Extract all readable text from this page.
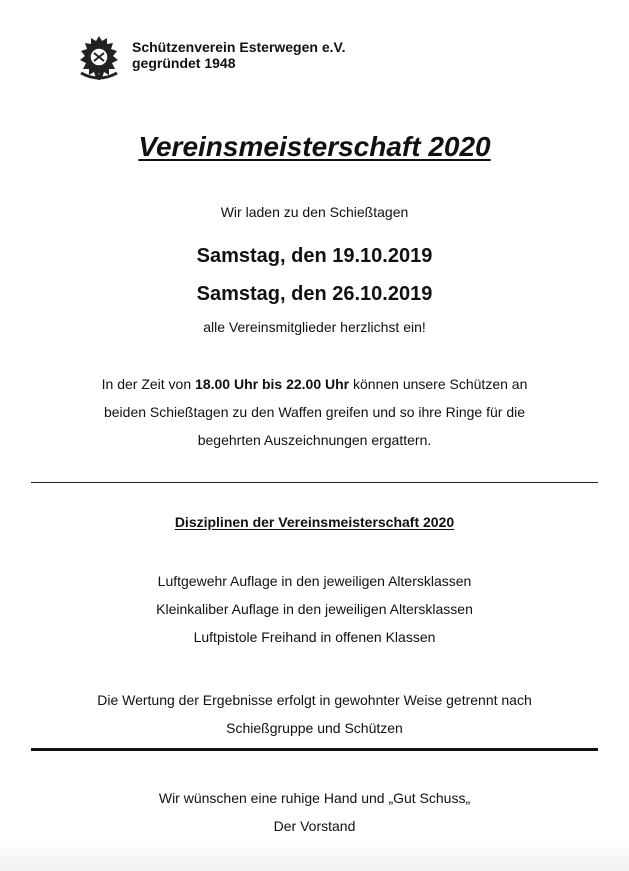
Schützenverein Esterwegen e.V.
gegründet 1948
Vereinsmeisterschaft 2020
Wir laden zu den Schießtagen
Samstag, den 19.10.2019
Samstag, den 26.10.2019
alle Vereinsmitglieder herzlichst ein!
In der Zeit von 18.00 Uhr bis 22.00 Uhr können unsere Schützen an
beiden Schießtagen zu den Waffen greifen und so ihre Ringe für die
begehrten Auszeichnungen ergattern.
Disziplinen der Vereinsmeisterschaft 2020
Luftgewehr Auflage in den jeweiligen Altersklassen
Kleinkaliber Auflage in den jeweiligen Altersklassen
Luftpistole Freihand in offenen Klassen
Die Wertung der Ergebnisse erfolgt in gewohnter Weise getrennt nach
Schießgruppe und Schützen
Wir wünschen eine ruhige Hand und „Gut Schuss„
Der Vorstand
